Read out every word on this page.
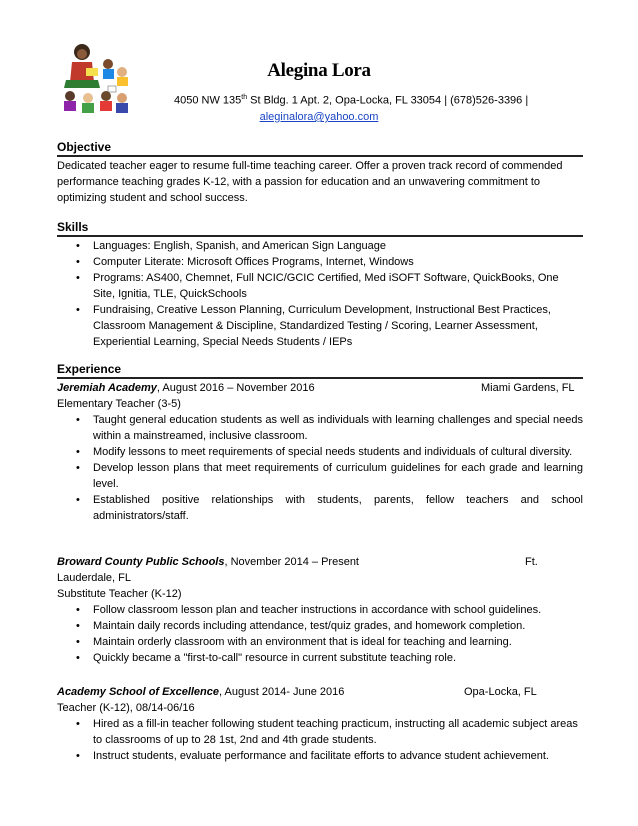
Alegina Lora
4050 NW 135th St Bldg. 1 Apt. 2, Opa-Locka, FL 33054 | (678)526-3396 |
aleginalora@yahoo.com
Objective
Dedicated teacher eager to resume full-time teaching career. Offer a proven track record of commended performance teaching grades K-12, with a passion for education and an unwavering commitment to optimizing student and school success.
Skills
• Languages: English, Spanish, and American Sign Language
• Computer Literate: Microsoft Offices Programs, Internet, Windows
• Programs: AS400, Chemnet, Full NCIC/GCIC Certified, Med iSOFT Software, QuickBooks, One Site, Ignitia, TLE, QuickSchools
• Fundraising, Creative Lesson Planning, Curriculum Development, Instructional Best Practices, Classroom Management & Discipline, Standardized Testing / Scoring, Learner Assessment, Experiential Learning, Special Needs Students / IEPs
Experience
Jeremiah Academy, August 2016 – November 2016	Miami Gardens, FL
Elementary Teacher (3-5)
• Taught general education students as well as individuals with learning challenges and special needs within a mainstreamed, inclusive classroom.
• Modify lessons to meet requirements of special needs students and individuals of cultural diversity.
• Develop lesson plans that meet requirements of curriculum guidelines for each grade and learning level.
• Established positive relationships with students, parents, fellow teachers and school administrators/staff.
Broward County Public Schools, November 2014 – Present	Ft.
Lauderdale, FL
Substitute Teacher (K-12)
• Follow classroom lesson plan and teacher instructions in accordance with school guidelines.
• Maintain daily records including attendance, test/quiz grades, and homework completion.
• Maintain orderly classroom with an environment that is ideal for teaching and learning.
• Quickly became a "first-to-call" resource in current substitute teaching role.
Academy School of Excellence, August 2014- June 2016	Opa-Locka, FL
Teacher (K-12), 08/14-06/16
• Hired as a fill-in teacher following student teaching practicum, instructing all academic subject areas to classrooms of up to 28 1st, 2nd and 4th grade students.
• Instruct students, evaluate performance and facilitate efforts to advance student achievement.
